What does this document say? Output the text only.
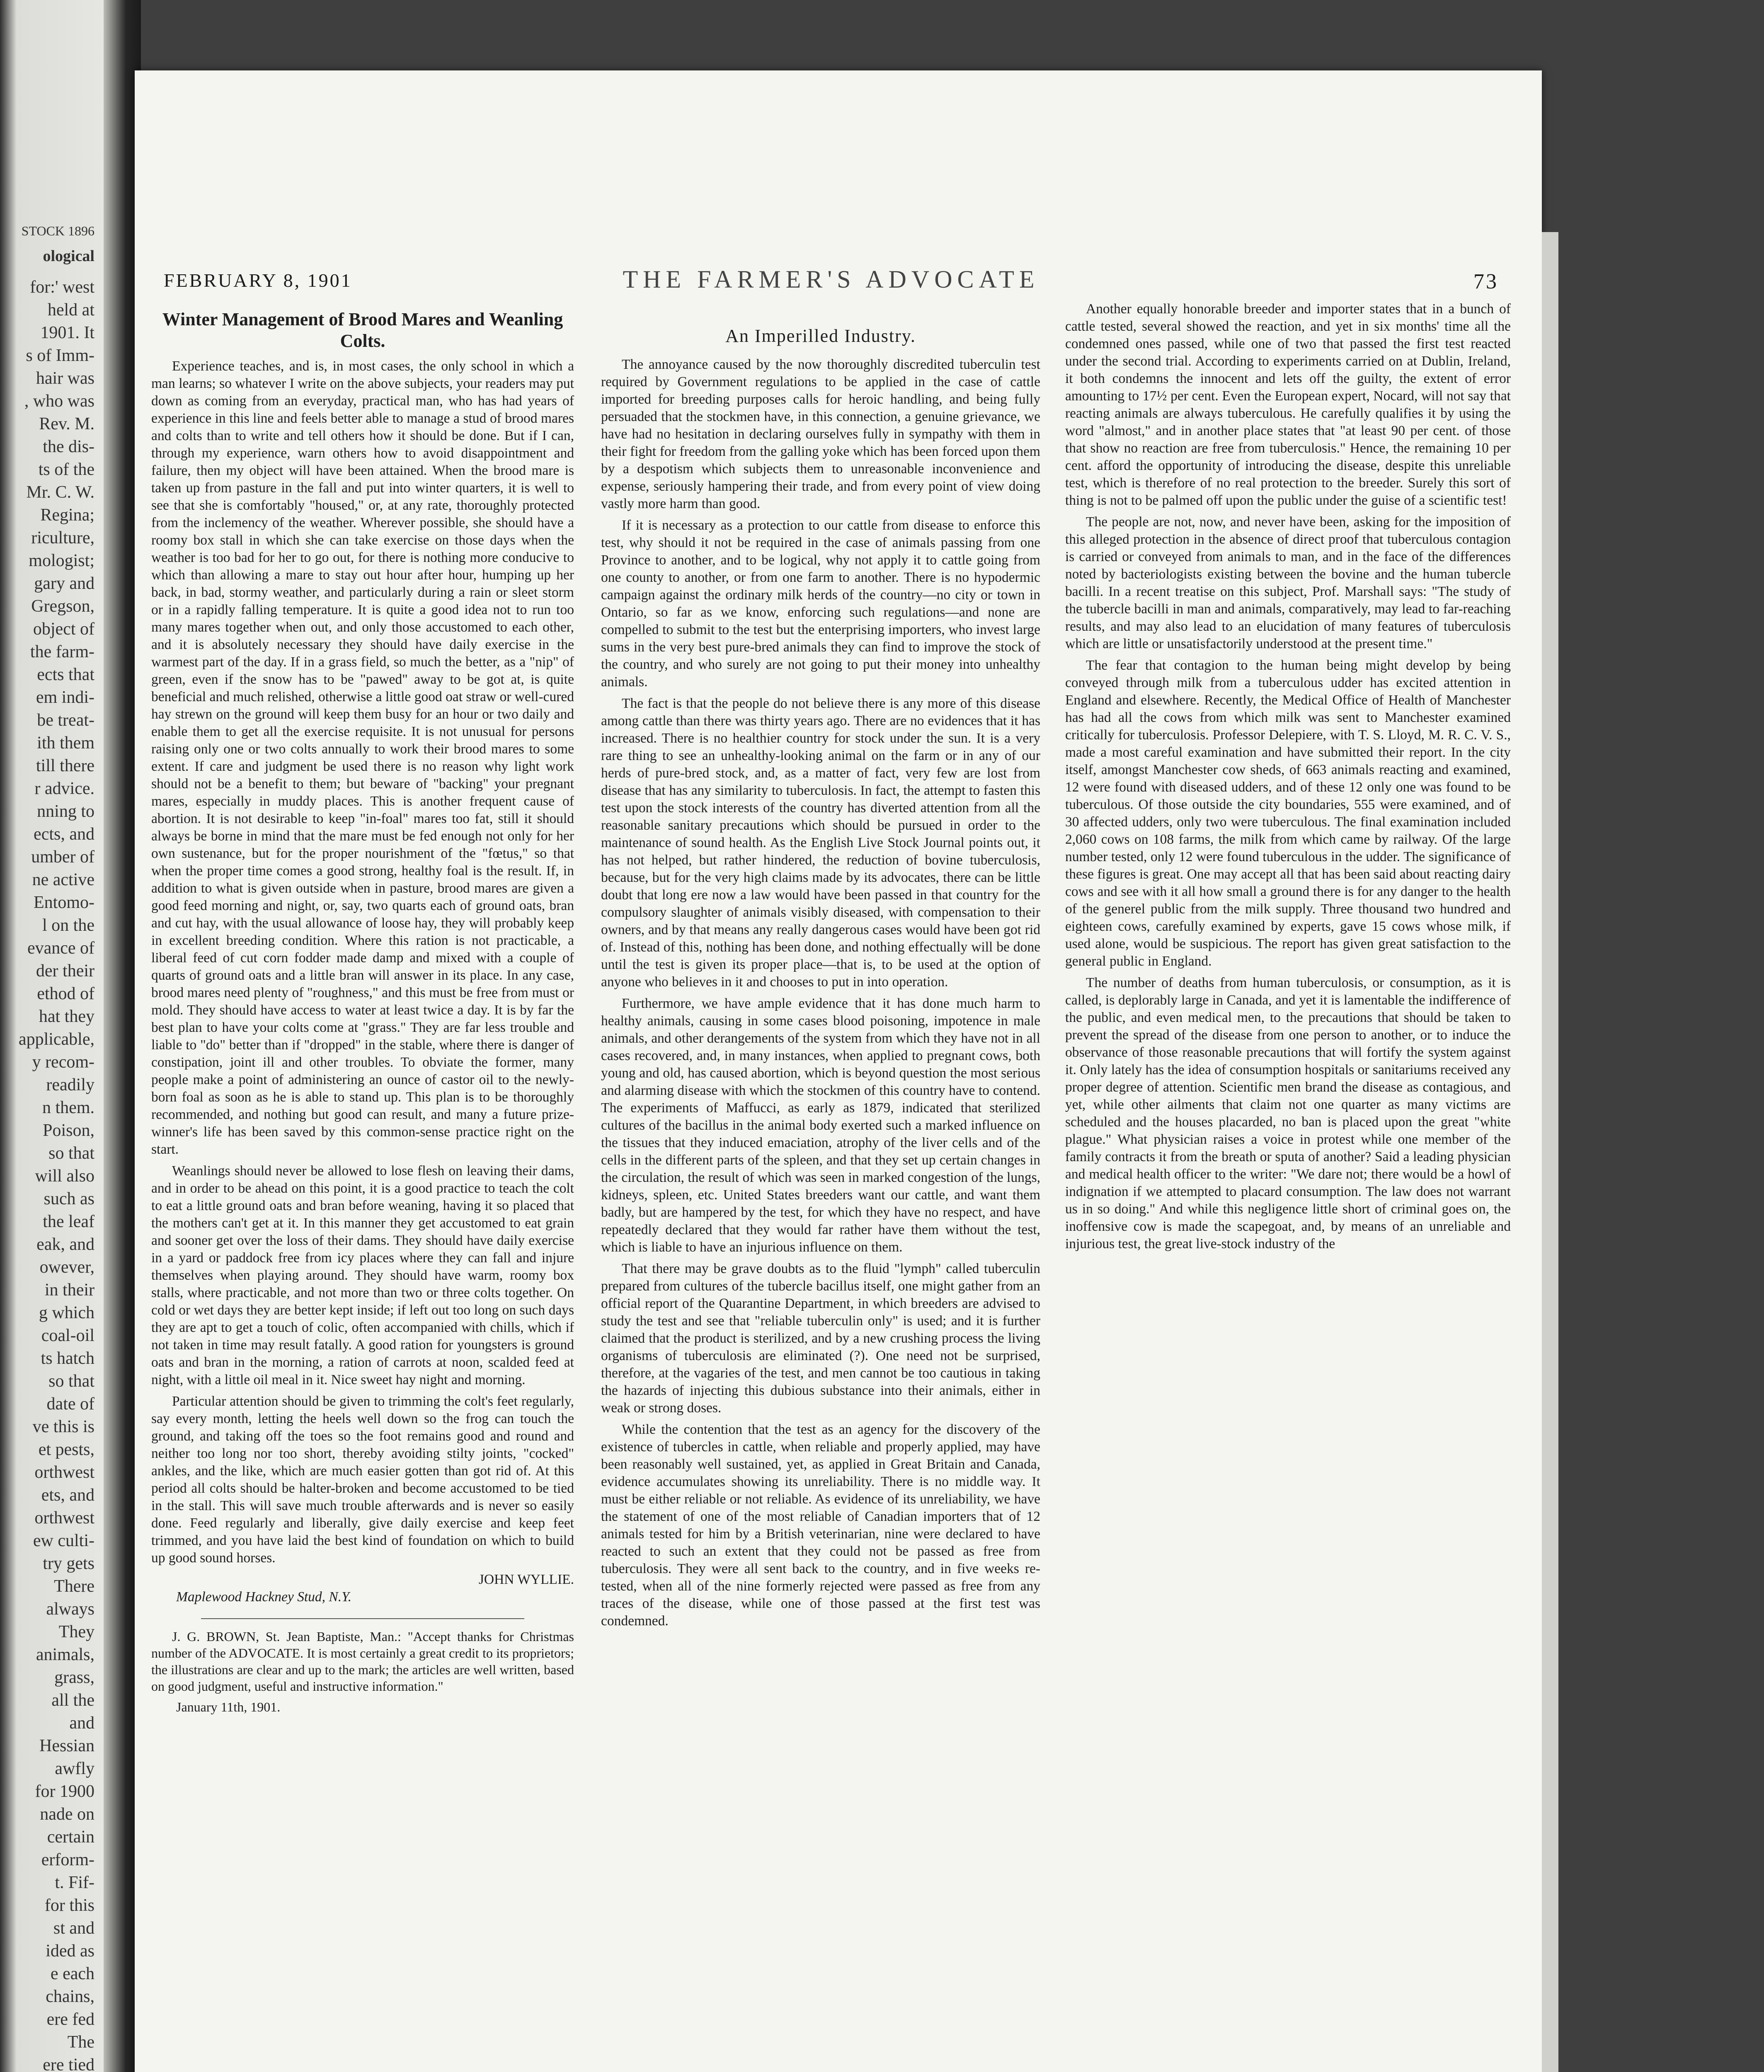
STOCK 1896
ological
for:' west
held at
1901. It
s of Imm-
hair was
, who was
Rev. M.
the dis-
ts of the
Mr. C. W.
Regina;
riculture,
mologist;
gary and
Gregson,
object of
the farm-
ects that
em indi-
be treat-
ith them
till there
r advice.
nning to
ects, and
umber of
ne active
Entomo-
l on the
evance of
der their
ethod of
hat they
applicable,
y recom-
readily
n them.
Poison,
so that
will also
such as
the leaf
eak, and
owever,
in their
g which
coal-oil
ts hatch
so that
date of
ve this is
et pests,
orthwest
ets, and
orthwest
ew culti-
try gets
There
always
They
animals,
grass,
all the
and
Hessian
awfly
for 1900
nade on
certain
erform-
t. Fif-
for this
st and
ided as
e each
chains,
ere fed
The
ere tied
FEBRUARY 8, 1901	THE FARMER'S ADVOCATE	73
Winter Management of Brood Mares and Weanling Colts.

Experience teaches, and is, in most cases, the only school in which a man learns; so whatever I write on the above subjects, your readers may put down as coming from an everyday, practical man, who has had years of experience in this line and feels better able to manage a stud of brood mares and colts than to write and tell others how it should be done. But if I can, through my experience, warn others how to avoid disappointment and failure, then my object will have been attained. When the brood mare is taken up from pasture in the fall and put into winter quarters, it is well to see that she is comfortably "housed," or, at any rate, thoroughly protected from the inclemency of the weather. Wherever possible, she should have a roomy box stall in which she can take exercise on those days when the weather is too bad for her to go out, for there is nothing more conducive to which than allowing a mare to stay out hour after hour, humping up her back, in bad, stormy weather, and particularly during a rain or sleet storm or in a rapidly falling temperature. It is quite a good idea not to run too many mares together when out, and only those accustomed to each other, and it is absolutely necessary they should have daily exercise in the warmest part of the day. If in a grass field, so much the better, as a "nip" of green, even if the snow has to be "pawed" away to be got at, is quite beneficial and much relished, otherwise a little good oat straw or well-cured hay strewn on the ground will keep them busy for an hour or two daily and enable them to get all the exercise requisite. It is not unusual for persons raising only one or two colts annually to work their brood mares to some extent. If care and judgment be used there is no reason why light work should not be a benefit to them; but beware of "backing" your pregnant mares, especially in muddy places. This is another frequent cause of abortion. It is not desirable to keep "in-foal" mares too fat, still it should always be borne in mind that the mare must be fed enough not only for her own sustenance, but for the proper nourishment of the "fœtus," so that when the proper time comes a good strong, healthy foal is the result. If, in addition to what is given outside when in pasture, brood mares are given a good feed morning and night, or, say, two quarts each of ground oats, bran and cut hay, with the usual allowance of loose hay, they will probably keep in excellent breeding condition. Where this ration is not practicable, a liberal feed of cut corn fodder made damp and mixed with a couple of quarts of ground oats and a little bran will answer in its place. In any case, brood mares need plenty of "roughness," and this must be free from must or mold. They should have access to water at least twice a day. It is by far the best plan to have your colts come at "grass." They are far less trouble and liable to "do" better than if "dropped" in the stable, where there is danger of constipation, joint ill and other troubles. To obviate the former, many people make a point of administering an ounce of castor oil to the newly-born foal as soon as he is able to stand up. This plan is to be thoroughly recommended, and nothing but good can result, and many a future prize-winner's life has been saved by this common-sense practice right on the start.

Weanlings should never be allowed to lose flesh on leaving their dams, and in order to be ahead on this point, it is a good practice to teach the colt to eat a little ground oats and bran before weaning, having it so placed that the mothers can't get at it. In this manner they get accustomed to eat grain and sooner get over the loss of their dams. They should have daily exercise in a yard or paddock free from icy places where they can fall and injure themselves when playing around. They should have warm, roomy box stalls, where practicable, and not more than two or three colts together. On cold or wet days they are better kept inside; if left out too long on such days they are apt to get a touch of colic, often accompanied with chills, which if not taken in time may result fatally. A good ration for youngsters is ground oats and bran in the morning, a ration of carrots at noon, scalded feed at night, with a little oil meal in it. Nice sweet hay night and morning.

Particular attention should be given to trimming the colt's feet regularly, say every month, letting the heels well down so the frog can touch the ground, and taking off the toes so the foot remains good and round and neither too long nor too short, thereby avoiding stilty joints, "cocked" ankles, and the like, which are much easier gotten than got rid of. At this period all colts should be halter-broken and become accustomed to be tied in the stall. This will save much trouble afterwards and is never so easily done. Feed regularly and liberally, give daily exercise and keep feet trimmed, and you have laid the best kind of foundation on which to build up good sound horses.

JOHN WYLLIE.
Maplewood Hackney Stud, N.Y.

J. G. BROWN, St. Jean Baptiste, Man.: "Accept thanks for Christmas number of the ADVOCATE. It is most certainly a great credit to its proprietors; the illustrations are clear and up to the mark; the articles are well written, based on good judgment, useful and instructive information."

January 11th, 1901.
An Imperilled Industry.

The annoyance caused by the now thoroughly discredited tuberculin test required by Government regulations to be applied in the case of cattle imported for breeding purposes calls for heroic handling, and being fully persuaded that the stockmen have, in this connection, a genuine grievance, we have had no hesitation in declaring ourselves fully in sympathy with them in their fight for freedom from the galling yoke which has been forced upon them by a despotism which subjects them to unreasonable inconvenience and expense, seriously hampering their trade, and from every point of view doing vastly more harm than good.

If it is necessary as a protection to our cattle from disease to enforce this test, why should it not be required in the case of animals passing from one Province to another, and to be logical, why not apply it to cattle going from one county to another, or from one farm to another. There is no hypodermic campaign against the ordinary milk herds of the country—no city or town in Ontario, so far as we know, enforcing such regulations—and none are compelled to submit to the test but the enterprising importers, who invest large sums in the very best pure-bred animals they can find to improve the stock of the country, and who surely are not going to put their money into unhealthy animals.

The fact is that the people do not believe there is any more of this disease among cattle than there was thirty years ago. There are no evidences that it has increased. There is no healthier country for stock under the sun. It is a very rare thing to see an unhealthy-looking animal on the farm or in any of our herds of pure-bred stock, and, as a matter of fact, very few are lost from disease that has any similarity to tuberculosis. In fact, the attempt to fasten this test upon the stock interests of the country has diverted attention from all the reasonable sanitary precautions which should be pursued in order to the maintenance of sound health. As the English Live Stock Journal points out, it has not helped, but rather hindered, the reduction of bovine tuberculosis, because, but for the very high claims made by its advocates, there can be little doubt that long ere now a law would have been passed in that country for the compulsory slaughter of animals visibly diseased, with compensation to their owners, and by that means any really dangerous cases would have been got rid of. Instead of this, nothing has been done, and nothing effectually will be done until the test is given its proper place—that is, to be used at the option of anyone who believes in it and chooses to put in into operation.

Furthermore, we have ample evidence that it has done much harm to healthy animals, causing in some cases blood poisoning, impotence in male animals, and other derangements of the system from which they have not in all cases recovered, and, in many instances, when applied to pregnant cows, both young and old, has caused abortion, which is beyond question the most serious and alarming disease with which the stockmen of this country have to contend. The experiments of Maffucci, as early as 1879, indicated that sterilized cultures of the bacillus in the animal body exerted such a marked influence on the tissues that they induced emaciation, atrophy of the liver cells and of the cells in the different parts of the spleen, and that they set up certain changes in the circulation, the result of which was seen in marked congestion of the lungs, kidneys, spleen, etc. United States breeders want our cattle, and want them badly, but are hampered by the test, for which they have no respect, and have repeatedly declared that they would far rather have them without the test, which is liable to have an injurious influence on them.

That there may be grave doubts as to the fluid "lymph" called tuberculin prepared from cultures of the tubercle bacillus itself, one might gather from an official report of the Quarantine Department, in which breeders are advised to study the test and see that "reliable tuberculin only" is used; and it is further claimed that the product is sterilized, and by a new crushing process the living organisms of tuberculosis are eliminated (?). One need not be surprised, therefore, at the vagaries of the test, and men cannot be too cautious in taking the hazards of injecting this dubious substance into their animals, either in weak or strong doses.

While the contention that the test as an agency for the discovery of the existence of tubercles in cattle, when reliable and properly applied, may have been reasonably well sustained, yet, as applied in Great Britain and Canada, evidence accumulates showing its unreliability. There is no middle way. It must be either reliable or not reliable. As evidence of its unreliability, we have the statement of one of the most reliable of Canadian importers that of 12 animals tested for him by a British veterinarian, nine were declared to have reacted to such an extent that they could not be passed as free from tuberculosis. They were all sent back to the country, and in five weeks re-tested, when all of the nine formerly rejected were passed as free from any traces of the disease, while one of those passed at the first test was condemned.

Another equally honorable breeder and importer states that in a bunch of cattle tested, several showed the reaction, and yet in six months' time all the condemned ones passed, while one of two that passed the first test reacted under the second trial. According to experiments carried on at Dublin, Ireland, it both condemns the innocent and lets off the guilty, the extent of error amounting to 17½ per cent. Even the European expert, Nocard, will not say that reacting animals are always tuberculous. He carefully qualifies it by using the word "almost," and in another place states that "at least 90 per cent. of those that show no reaction are free from tuberculosis." Hence, the remaining 10 per cent. afford the opportunity of introducing the disease, despite this unreliable test, which is therefore of no real protection to the breeder. Surely this sort of thing is not to be palmed off upon the public under the guise of a scientific test!

The people are not, now, and never have been, asking for the imposition of this alleged protection in the absence of direct proof that tuberculous contagion is carried or conveyed from animals to man, and in the face of the differences noted by bacteriologists existing between the bovine and the human tubercle bacilli. In a recent treatise on this subject, Prof. Marshall says: "The study of the tubercle bacilli in man and animals, comparatively, may lead to far-reaching results, and may also lead to an elucidation of many features of tuberculosis which are little or unsatisfactorily understood at the present time."

The fear that contagion to the human being might develop by being conveyed through milk from a tuberculous udder has excited attention in England and elsewhere. Recently, the Medical Office of Health of Manchester has had all the cows from which milk was sent to Manchester examined critically for tuberculosis. Professor Delepiere, with T. S. Lloyd, M. R. C. V. S., made a most careful examination and have submitted their report. In the city itself, amongst Manchester cow sheds, of 663 animals reacting and examined, 12 were found with diseased udders, and of these 12 only one was found to be tuberculous. Of those outside the city boundaries, 555 were examined, and of 30 affected udders, only two were tuberculous. The final examination included 2,060 cows on 108 farms, the milk from which came by railway. Of the large number tested, only 12 were found tuberculous in the udder. The significance of these figures is great. One may accept all that has been said about reacting dairy cows and see with it all how small a ground there is for any danger to the health of the generel public from the milk supply. Three thousand two hundred and eighteen cows, carefully examined by experts, gave 15 cows whose milk, if used alone, would be suspicious. The report has given great satisfaction to the general public in England.

The number of deaths from human tuberculosis, or consumption, as it is called, is deplorably large in Canada, and yet it is lamentable the indifference of the public, and even medical men, to the precautions that should be taken to prevent the spread of the disease from one person to another, or to induce the observance of those reasonable precautions that will fortify the system against it. Only lately has the idea of consumption hospitals or sanitariums received any proper degree of attention. Scientific men brand the disease as contagious, and yet, while other ailments that claim not one quarter as many victims are scheduled and the houses placarded, no ban is placed upon the great "white plague." What physician raises a voice in protest while one member of the family contracts it from the breath or sputa of another? Said a leading physician and medical health officer to the writer: "We dare not; there would be a howl of indignation if we attempted to placard consumption. The law does not warrant us in so doing." And while this negligence little short of criminal goes on, the inoffensive cow is made the scapegoat, and, by means of an unreliable and injurious test, the great live-stock industry of the
